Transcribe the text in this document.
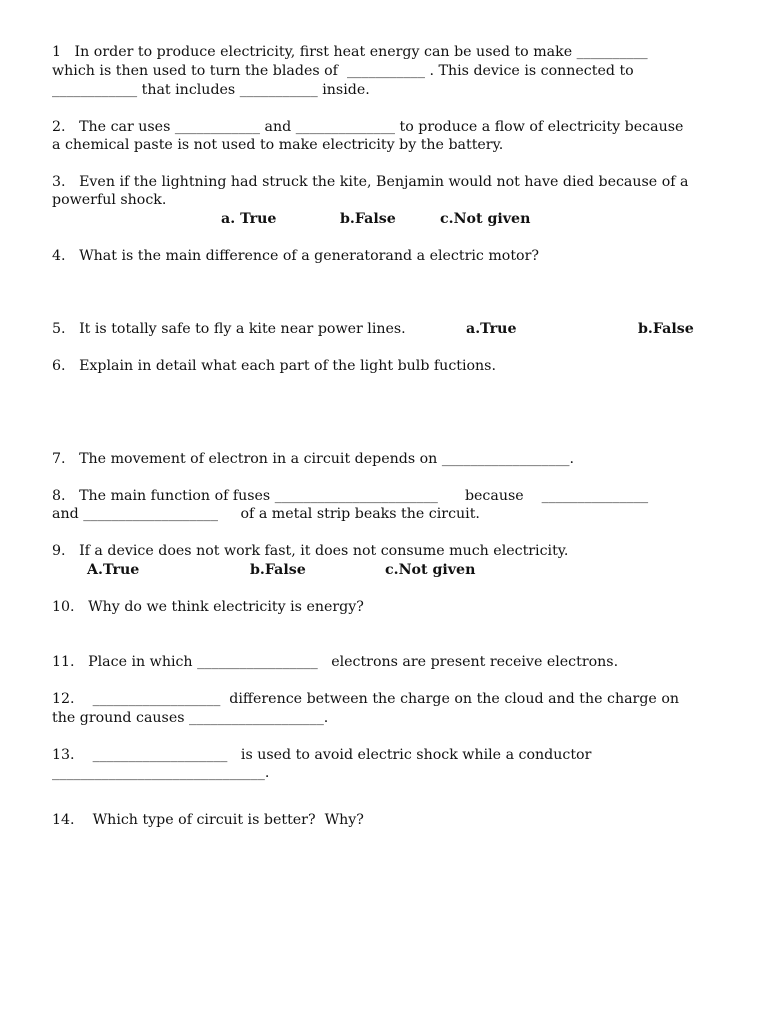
1   In order to produce electricity, first heat energy can be used to make __________
which is then used to turn the blades of  ___________ . This device is connected to
____________ that includes ___________ inside.
2.   The car uses ____________ and ______________ to produce a flow of electricity because
a chemical paste is not used to make electricity by the battery.
3.   Even if the lightning had struck the kite, Benjamin would not have died because of a
powerful shock.
a. True	b.False	c.Not given
4.   What is the main difference of a generatorand a electric motor?
5.   It is totally safe to fly a kite near power lines.	a.True	b.False
6.   Explain in detail what each part of the light bulb fuctions.
7.   The movement of electron in a circuit depends on __________________.
8.   The main function of fuses _______________________      because    _______________
and ___________________     of a metal strip beaks the circuit.
9.   If a device does not work fast, it does not consume much electricity.
A.True	b.False	c.Not given
10.   Why do we think electricity is energy?
11.   Place in which _________________   electrons are present receive electrons.
12.    __________________  difference between the charge on the cloud and the charge on
the ground causes ___________________.
13.    ___________________   is used to avoid electric shock while a conductor
______________________________.
14.    Which type of circuit is better?  Why?
